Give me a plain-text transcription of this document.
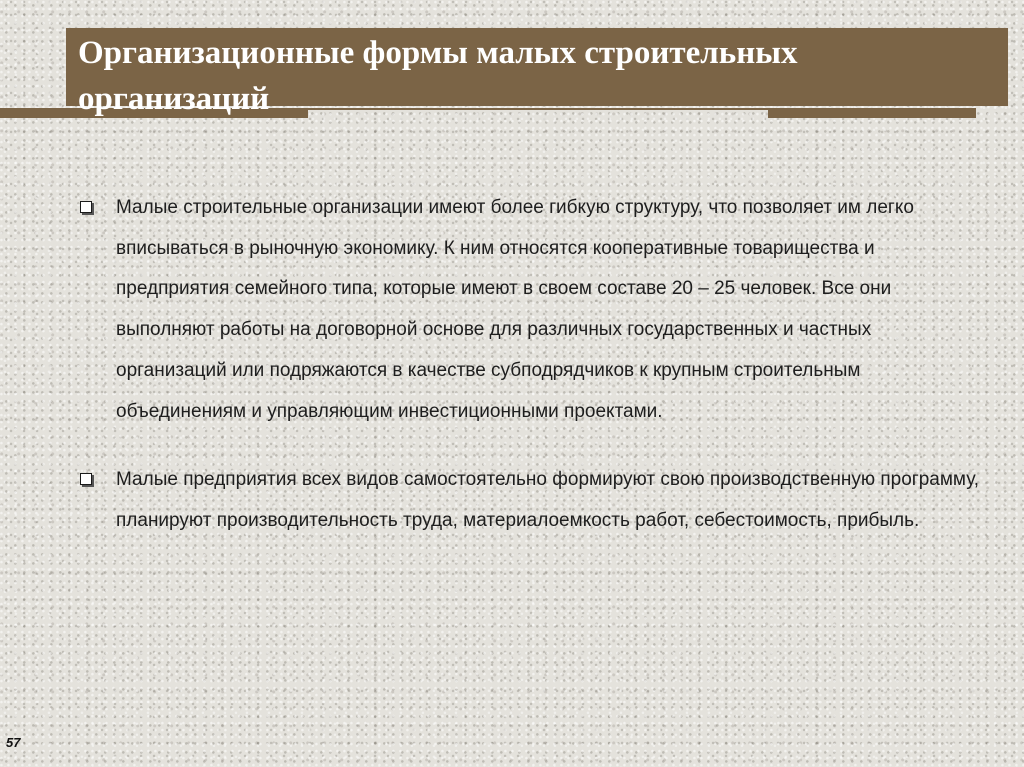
Организационные формы малых строительных организаций
Малые строительные организации имеют более гибкую структуру, что позволяет им легко вписываться в рыночную экономику. К ним относятся кооперативные товарищества и предприятия семейного типа, которые имеют в своем составе 20 – 25 человек. Все они выполняют работы на договорной основе для различных государственных и частных организаций или подряжаются в качестве субподрядчиков к крупным строительным объединениям и управляющим инвестиционными проектами.
Малые предприятия всех видов самостоятельно формируют свою производственную программу, планируют производительность труда, материалоемкость работ, себестоимость, прибыль.
57
